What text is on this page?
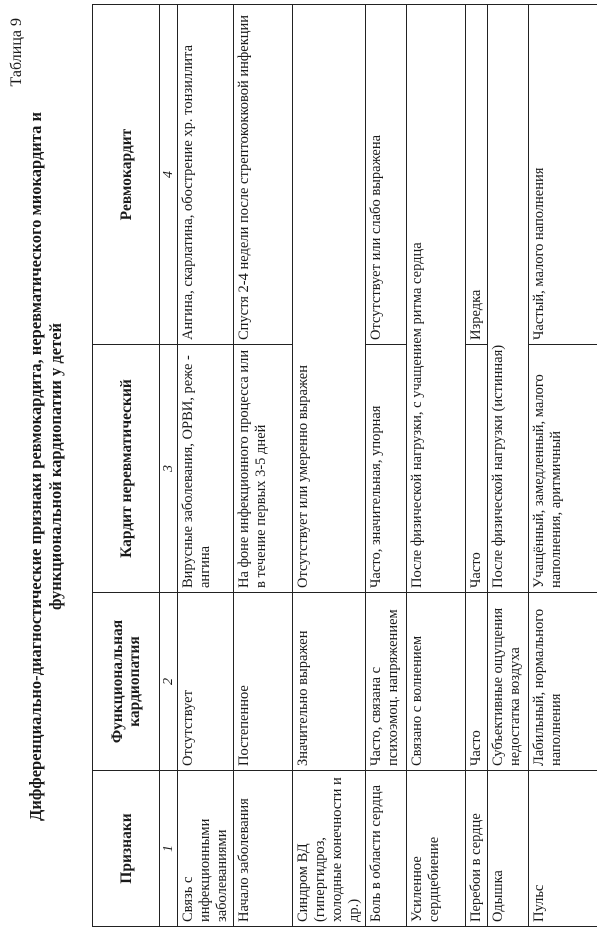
Таблица 9
Дифференциально-диагностические признаки ревмокардита, неревматического миокардита и функциональной кардиопатии у детей
Признаки	Функциональная кардиопатия	Кардит неревматический	Ревмокардит
1	2	3	4
Связь с инфекционными заболеваниями	Отсутствует	Вирусные заболевания, ОРВИ, реже - ангина	Ангина, скарлатина, обострение хр. тонзиллита
Начало заболевания	Постепенное	На фоне инфекционного процесса или в течение первых 3-5 дней	Спустя 2-4 недели после стрептококковой инфекции
Синдром ВД (гипергидроз, холодные конечности и др.)	Значительно выражен	Отсутствует или умеренно выражен	
Боль в области сердца	Часто, связана с психоэмоц. напряжением	Часто, значительная, упорная	Отсутствует или слабо выражена
Усиленное сердцебиение	Связано с волнением	После физической нагрузки, с учащением ритма сердца	
Перебои в сердце	Часто	Часто	Изредка
Одышка	Субъективные ощущения недостатка воздуха	После физической нагрузки (истинная)	
Пульс	Лабильный, нормального наполнения	Учащённый, замедленный, малого наполнения, аритмичный	Частый, малого наполнения
